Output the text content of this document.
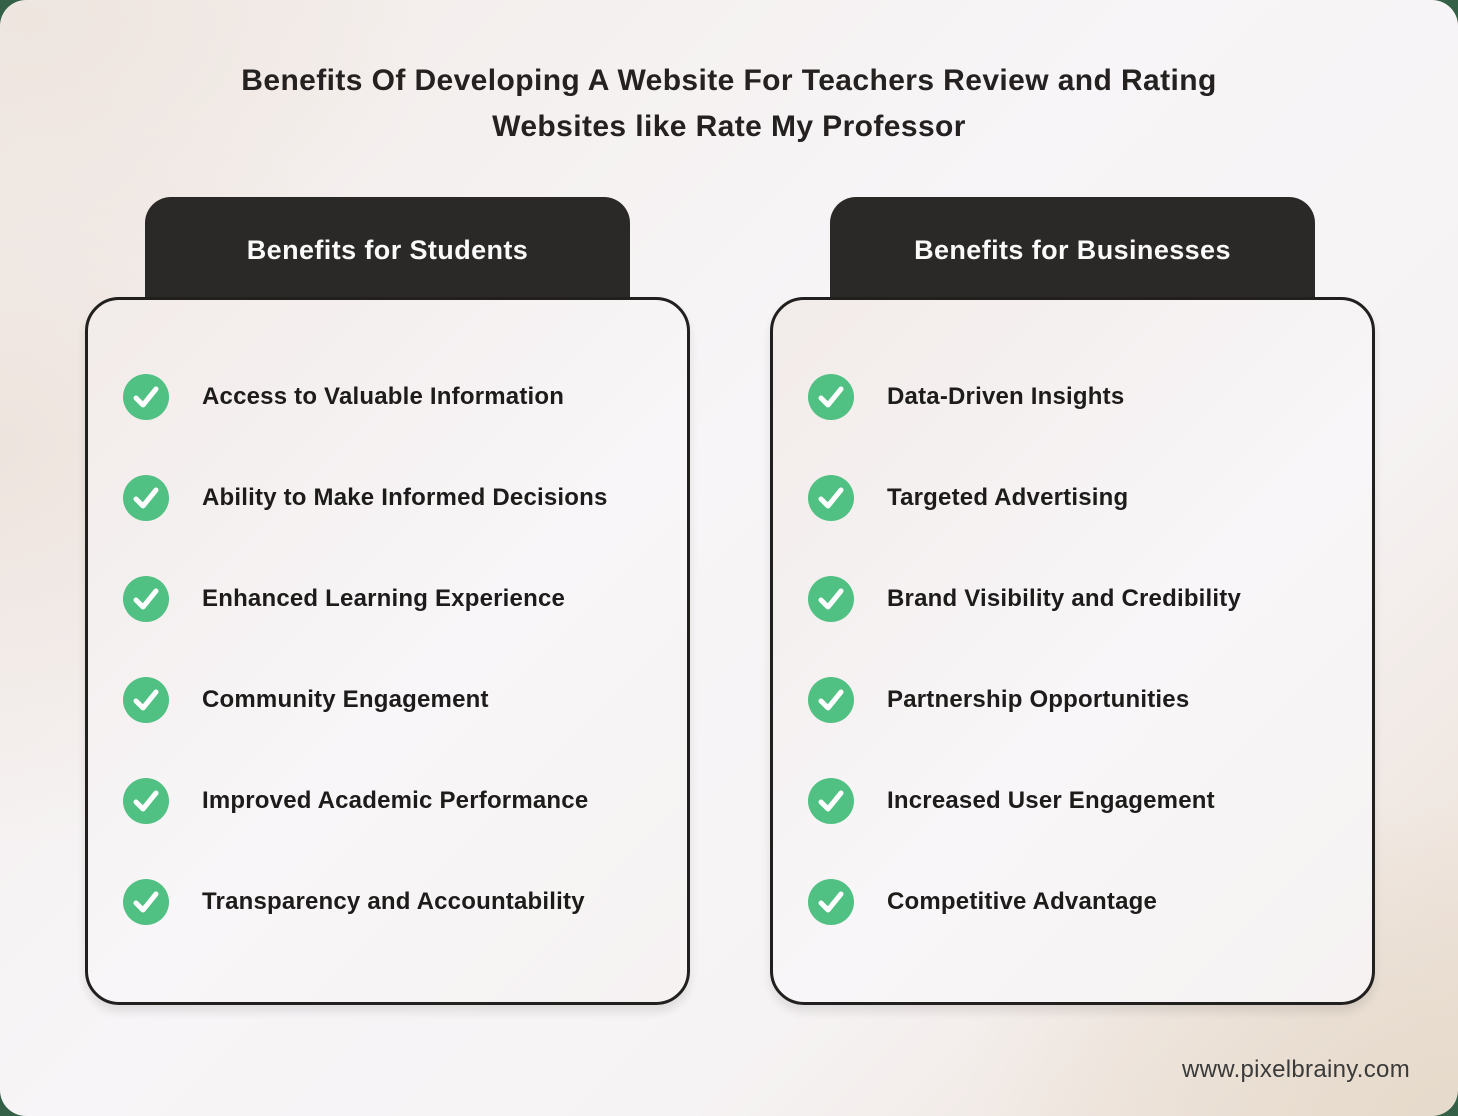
Benefits Of Developing A Website For Teachers Review and Rating
Websites like Rate My Professor
Benefits for Students
Access to Valuable Information
Ability to Make Informed Decisions
Enhanced Learning Experience
Community Engagement
Improved Academic Performance
Transparency and Accountability
Benefits for Businesses
Data-Driven Insights
Targeted Advertising
Brand Visibility and Credibility
Partnership Opportunities
Increased User Engagement
Competitive Advantage
www.pixelbrainy.com
